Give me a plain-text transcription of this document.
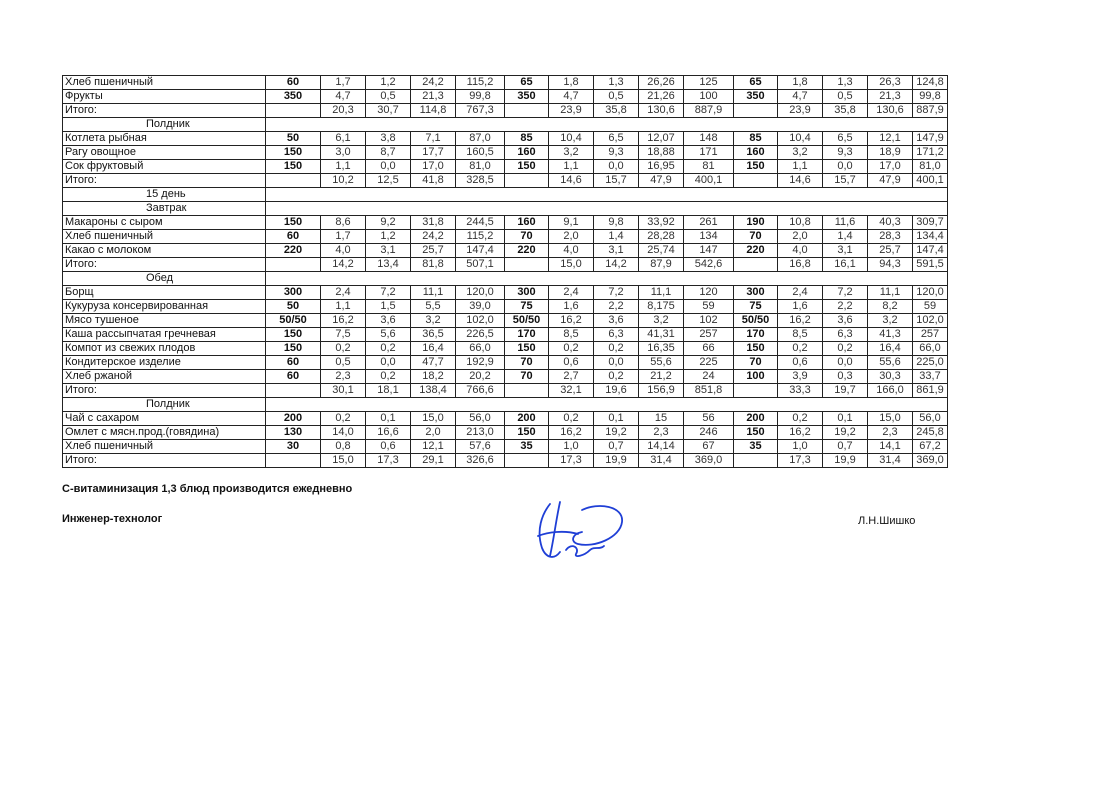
Хлеб пшеничный	60	1,7	1,2	24,2	115,2	65	1,8	1,3	26,26	125	65	1,8	1,3	26,3	124,8
Фрукты	350	4,7	0,5	21,3	99,8	350	4,7	0,5	21,26	100	350	4,7	0,5	21,3	99,8
Итого:		20,3	30,7	114,8	767,3		23,9	35,8	130,6	887,9		23,9	35,8	130,6	887,9
	Полдник														
Котлета рыбная	50	6,1	3,8	7,1	87,0	85	10,4	6,5	12,07	148	85	10,4	6,5	12,1	147,9
Рагу овощное	150	3,0	8,7	17,7	160,5	160	3,2	9,3	18,88	171	160	3,2	9,3	18,9	171,2
Сок фруктовый	150	1,1	0,0	17,0	81,0	150	1,1	0,0	16,95	81	150	1,1	0,0	17,0	81,0
Итого:		10,2	12,5	41,8	328,5		14,6	15,7	47,9	400,1		14,6	15,7	47,9	400,1
	15 день														
	Завтрак														
Макароны с сыром	150	8,6	9,2	31,8	244,5	160	9,1	9,8	33,92	261	190	10,8	11,6	40,3	309,7
Хлеб пшеничный	60	1,7	1,2	24,2	115,2	70	2,0	1,4	28,28	134	70	2,0	1,4	28,3	134,4
Какао с молоком	220	4,0	3,1	25,7	147,4	220	4,0	3,1	25,74	147	220	4,0	3,1	25,7	147,4
Итого:		14,2	13,4	81,8	507,1		15,0	14,2	87,9	542,6		16,8	16,1	94,3	591,5
	Обед														
Борщ	300	2,4	7,2	11,1	120,0	300	2,4	7,2	11,1	120	300	2,4	7,2	11,1	120,0
Кукуруза консервированная	50	1,1	1,5	5,5	39,0	75	1,6	2,2	8,175	59	75	1,6	2,2	8,2	59
Мясо тушеное	50/50	16,2	3,6	3,2	102,0	50/50	16,2	3,6	3,2	102	50/50	16,2	3,6	3,2	102,0
Каша рассыпчатая гречневая	150	7,5	5,6	36,5	226,5	170	8,5	6,3	41,31	257	170	8,5	6,3	41,3	257
Компот из свежих плодов	150	0,2	0,2	16,4	66,0	150	0,2	0,2	16,35	66	150	0,2	0,2	16,4	66,0
Кондитерское изделие	60	0,5	0,0	47,7	192,9	70	0,6	0,0	55,6	225	70	0,6	0,0	55,6	225,0
Хлеб ржаной	60	2,3	0,2	18,2	20,2	70	2,7	0,2	21,2	24	100	3,9	0,3	30,3	33,7
Итого:		30,1	18,1	138,4	766,6		32,1	19,6	156,9	851,8		33,3	19,7	166,0	861,9
	Полдник														
Чай с сахаром	200	0,2	0,1	15,0	56,0	200	0,2	0,1	15	56	200	0,2	0,1	15,0	56,0
Омлет с мясн.прод.(говядина)	130	14,0	16,6	2,0	213,0	150	16,2	19,2	2,3	246	150	16,2	19,2	2,3	245,8
Хлеб пшеничный	30	0,8	0,6	12,1	57,6	35	1,0	0,7	14,14	67	35	1,0	0,7	14,1	67,2
Итого:		15,0	17,3	29,1	326,6		17,3	19,9	31,4	369,0		17,3	19,9	31,4	369,0

С-витаминизация 1,3 блюд производится ежедневно

Инженер-технолог	Л.Н.Шишко
